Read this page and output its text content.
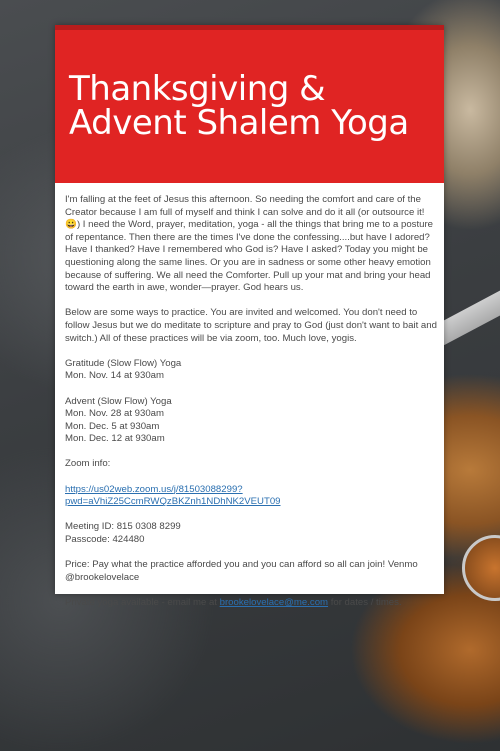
Thanksgiving &
Advent Shalem Yoga

I'm falling at the feet of Jesus this afternoon. So needing the comfort and care of the Creator because I am full of myself and think I can solve and do it all (or outsource it!😀) I need the Word, prayer, meditation, yoga - all the things that bring me to a posture of repentance. Then there are the times I've done the confessing....but have I adored? Have I thanked? Have I remembered who God is? Have I asked? Today you might be questioning along the same lines. Or you are in sadness or some other heavy emotion because of suffering. We all need the Comforter. Pull up your mat and bring your head toward the earth in awe, wonder—prayer. God hears us.

Below are some ways to practice. You are invited and welcomed. You don't need to follow Jesus but we do meditate to scripture and pray to God (just don't want to bait and switch.) All of these practices will be via zoom, too. Much love, yogis.

Gratitude (Slow Flow) Yoga
Mon. Nov. 14 at 930am

Advent (Slow Flow) Yoga
Mon. Nov. 28 at 930am
Mon. Dec. 5 at 930am
Mon. Dec. 12 at 930am

Zoom info:

https://us02web.zoom.us/j/81503088299?pwd=aVhiZ25CcmRWQzBKZnh1NDhNK2VEUT09

Meeting ID: 815 0308 8299
Passcode: 424480

Price: Pay what the practice afforded you and you can afford so all can join! Venmo @brookelovelace

Private yoga available - email me at brookelovelace@me.com for dates / times.
